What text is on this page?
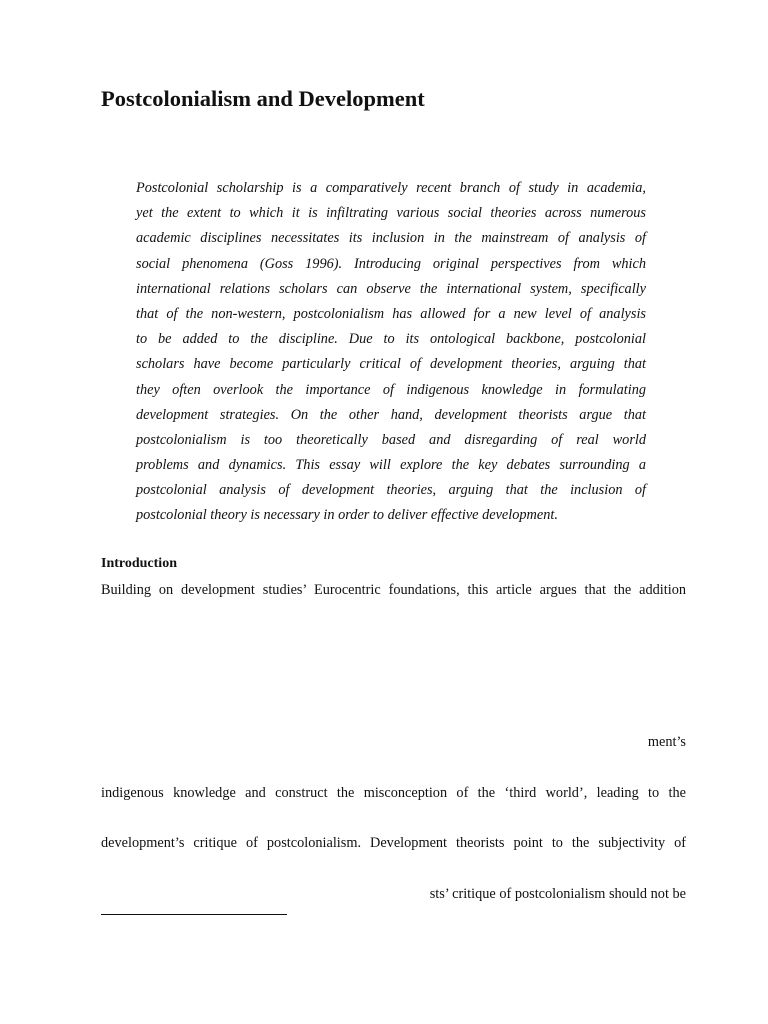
Postcolonialism and Development
Postcolonial scholarship is a comparatively recent branch of study in academia,
yet the extent to which it is infiltrating various social theories across numerous
academic disciplines necessitates its inclusion in the mainstream of analysis of
social phenomena (Goss 1996). Introducing original perspectives from which
international relations scholars can observe the international system, specifically
that of the non-western, postcolonialism has allowed for a new level of analysis
to be added to the discipline. Due to its ontological backbone, postcolonial
scholars have become particularly critical of development theories, arguing that
they often overlook the importance of indigenous knowledge in formulating
development strategies. On the other hand, development theorists argue that
postcolonialism is too theoretically based and disregarding of real world
problems and dynamics. This essay will explore the key debates surrounding a
postcolonial analysis of development theories, arguing that the inclusion of
postcolonial theory is necessary in order to deliver effective development.
Introduction
Building on development studies’ Eurocentric foundations, this article argues that the addition
ment’s
indigenous knowledge and construct the misconception of the ‘third world’, leading to the
development’s critique of postcolonialism. Development theorists point to the subjectivity of
sts’ critique of postcolonialism should not be
